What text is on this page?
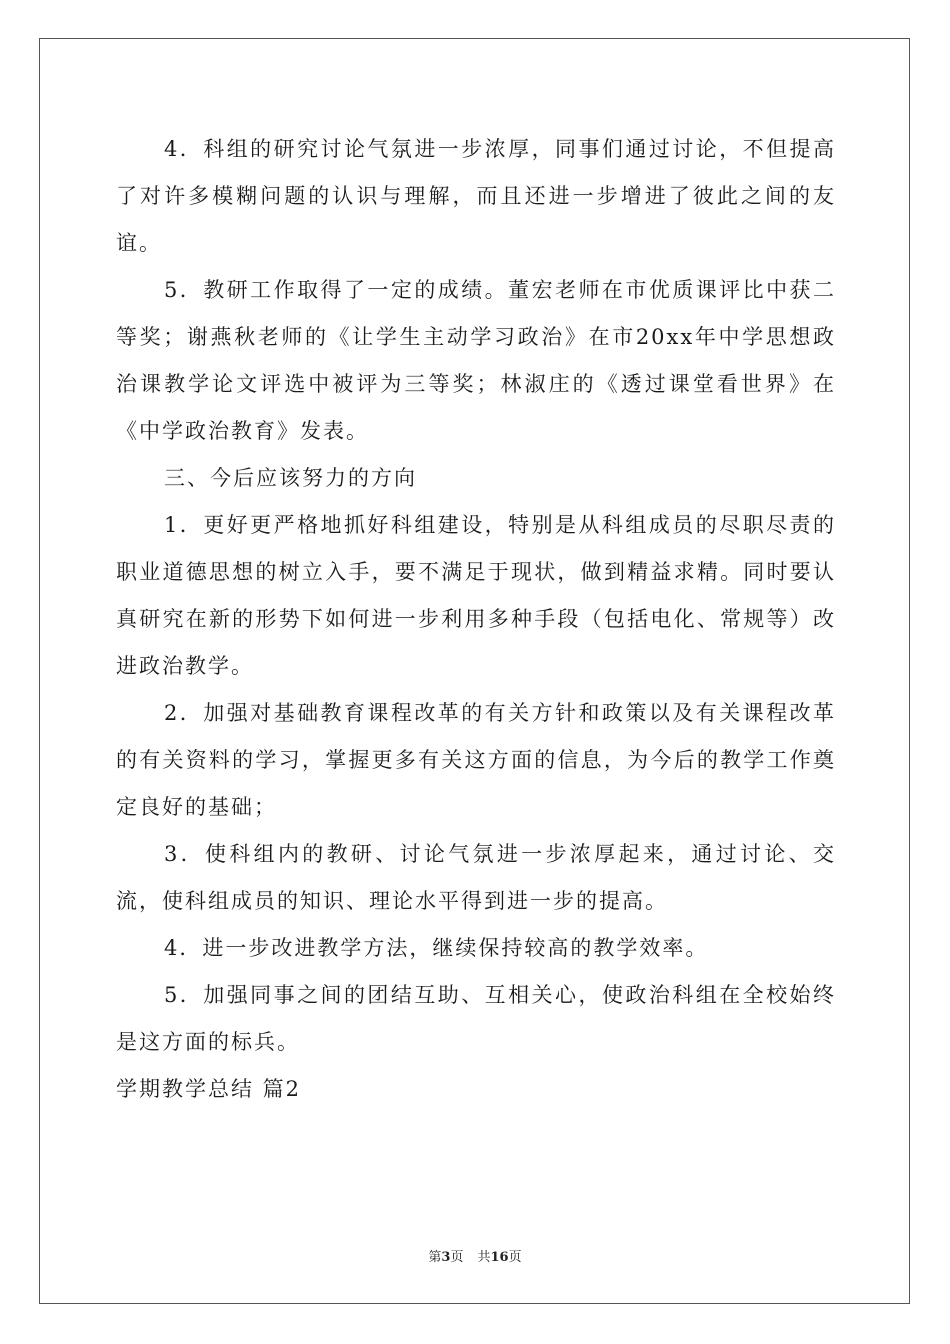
4．科组的研究讨论气氛进一步浓厚，同事们通过讨论，不但提高了对许多模糊问题的认识与理解，而且还进一步增进了彼此之间的友谊。

5．教研工作取得了一定的成绩。董宏老师在市优质课评比中获二等奖；谢燕秋老师的《让学生主动学习政治》在市20xx年中学思想政治课教学论文评选中被评为三等奖；林淑庄的《透过课堂看世界》在《中学政治教育》发表。

三、今后应该努力的方向

1．更好更严格地抓好科组建设，特别是从科组成员的尽职尽责的职业道德思想的树立入手，要不满足于现状，做到精益求精。同时要认真研究在新的形势下如何进一步利用多种手段（包括电化、常规等）改进政治教学。

2．加强对基础教育课程改革的有关方针和政策以及有关课程改革的有关资料的学习，掌握更多有关这方面的信息，为今后的教学工作奠定良好的基础；

3．使科组内的教研、讨论气氛进一步浓厚起来，通过讨论、交流，使科组成员的知识、理论水平得到进一步的提高。

4．进一步改进教学方法，继续保持较高的教学效率。

5．加强同事之间的团结互助、互相关心，使政治科组在全校始终是这方面的标兵。

学期教学总结 篇2
第3页 共16页
